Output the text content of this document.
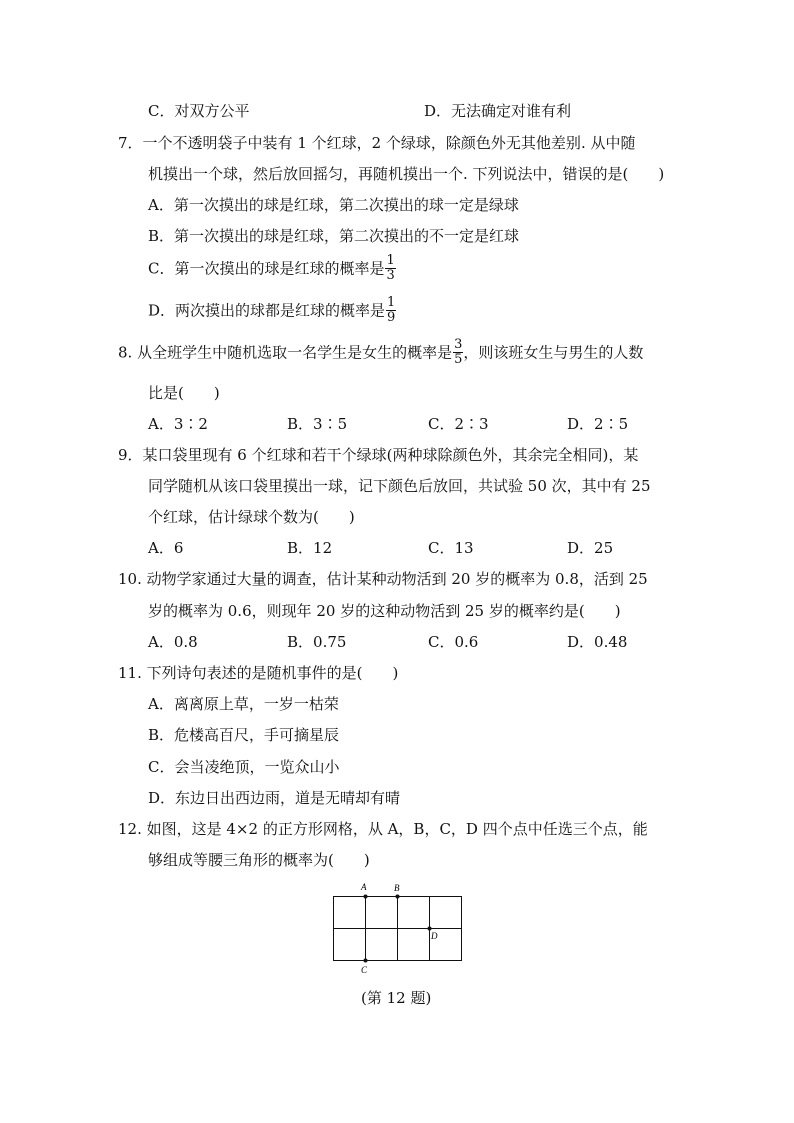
C．对双方公平	D．无法确定对谁有利
7．一个不透明袋子中装有 1 个红球，2 个绿球，除颜色外无其他差别. 从中随
机摸出一个球，然后放回摇匀，再随机摸出一个. 下列说法中，错误的是(　　)
A．第一次摸出的球是红球，第二次摸出的球一定是绿球
B．第一次摸出的球是红球，第二次摸出的不一定是红球
C．第一次摸出的球是红球的概率是 $\frac{1}{3}$
D．两次摸出的球都是红球的概率是 $\frac{1}{9}$
8. 从全班学生中随机选取一名学生是女生的概率是 $\frac{3}{5}$ ，则该班女生与男生的人数
比是(　　)
A．3∶2	B．3∶5	C．2∶3	D．2∶5
9．某口袋里现有 6 个红球和若干个绿球(两种球除颜色外，其余完全相同)，某
同学随机从该口袋里摸出一球，记下颜色后放回，共试验 50 次，其中有 25
个红球，估计绿球个数为(　　)
A．6	B．12	C．13	D．25
10. 动物学家通过大量的调查，估计某种动物活到 20 岁的概率为 0.8，活到 25
岁的概率为 0.6，则现年 20 岁的这种动物活到 25 岁的概率约是(　　)
A．0.8	B．0.75	C．0.6	D．0.48
11. 下列诗句表述的是随机事件的是(　　)
A．离离原上草，一岁一枯荣
B．危楼高百尺，手可摘星辰
C．会当凌绝顶，一览众山小
D．东边日出西边雨，道是无晴却有晴
12. 如图，这是 4×2 的正方形网格，从 A，B，C，D 四个点中任选三个点，能
够组成等腰三角形的概率为(　　)
A	B
C
D
(第 12 题)
